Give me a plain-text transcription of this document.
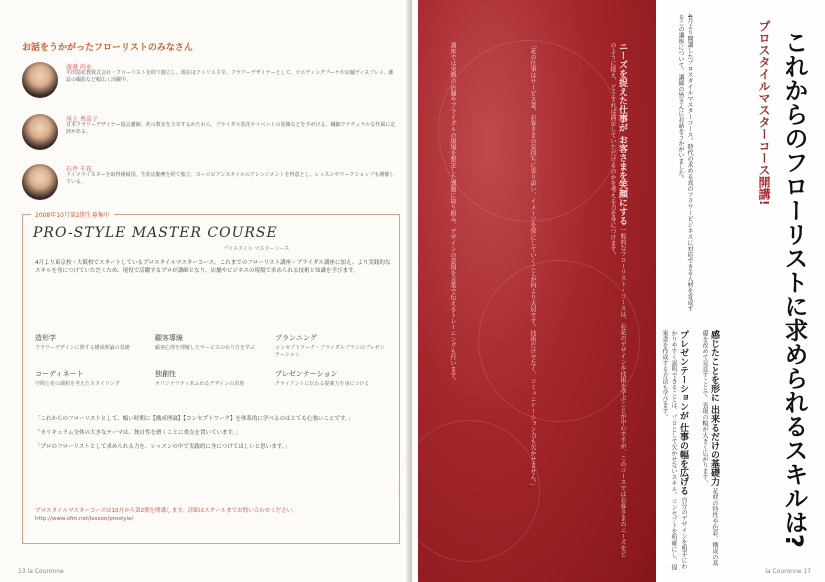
お話をうかがったフローリストのみなさん
渡邊 尚永
平田造花教株式会社・フローリストを経て独立し、現在はアトリエ主宰。フラワーデザイナーとして、ウエディングブーケや店舗ディスプレイ、雑誌の撮影など幅広く活躍中。
尾上 香苗子
日本フラワーデザイナー協会講師。花の教室を主宰するかたわら、ブライダル装花やイベントの装飾などを手がける。繊細でナチュラルな作風に定評がある。
石井 千花
ドイツマイスターを取得後帰国。生花店勤務を経て独立。ヨーロピアンスタイルのアレンジメントを得意とし、レッスンやワークショップも開催している。
2008年10月第2期生募集中
PRO-STYLE MASTER COURSE
プロスタイル マスターコース
4月より東京校・大阪校でスタートしているプロスタイルマスターコース。これまでのフローリスト講座・ブライダル講座に加え、より実践的なスキルを身につけていただくため、現役で活躍するプロが講師となり、店舗やビジネスの現場で求められる技術と知識を学びます。
造形学
フラワーデザインに関する構成理論の基礎
顧客導線
顧客心理を理解したサービスの在り方を学ぶ
プランニング
コンセプトワーク・ブライダルプランのプレゼンテーション
コーディネート
空間と花の調和を考えたスタイリング
独創性
オリジナリティあふれるデザインの表現
プレゼンテーション
クライアントに伝わる提案力を身につける

「これからのフローリストとして、幅い時期に【構成理論】【コンセプトワーク】を体系的に学べるのはとても心強いことです。」

「カリキュラム全体の大きなテーマは、独自性を磨くことに重点を置いています。」

「プロのフローリストとして求められる力を、レッスンの中で実践的に身につけてほしいと思います。」

プロスタイルマスターコースは10月から第2期を開講します。詳細はスクールまでお問い合わせください。http://www.ofm.net/lesson/prostyle/
13 la Couronne
ニーズを捉えた仕事が お客さまを笑顔にする 一般的なフローリスト・コースは、お花のデザインや技術を学ぶことが中心ですが、このコースではお客さまのニーズをどのように捉え、どうすれば満足していただけるのかを考える力を身につけます。
「花の仕事はサービス業。お客さまの気持ちに寄り添い、イメージを形にしていくことが何より大切です。技術だけでなく、コミュニケーション力も欠かせません。」
講座では実際の店舗やブライダルの現場を想定した課題に取り組み、デザインの意図を言葉で伝えるトレーニングも行います。	これからのフローリストに求められるスキルは?
プロスタイルマスターコース開講!
4月より開講したプロスタイルマスターコース。時代の求める真のフラワービジネスに対応できる人材を育成するこの講座について、講師の皆さんにお話をうかがいました。
プレゼンテーションが 仕事の幅を広げる 自分のデザインを相手にわかりやすく説明できることは、プロとして欠かせないスキル。コンセプトを明確にし、提案書を作成する方法も学びます。	感じたことを形に 出来るだけの基礎力 花材の特性や色彩、構成の基礎を改めて見直すことで、表現の幅が大きく広がります。
la Couronne 17
